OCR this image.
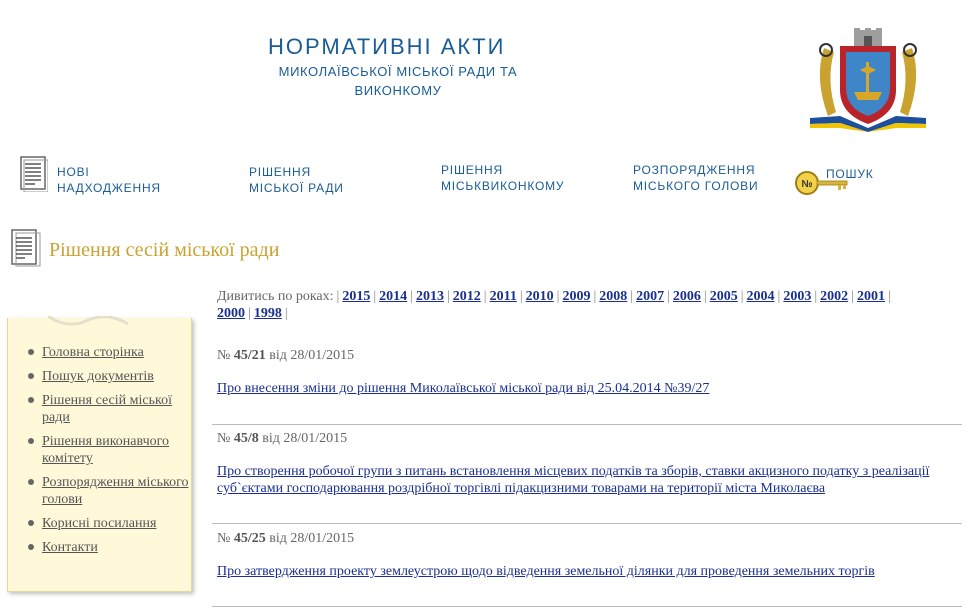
НОРМАТИВНІ АКТИ
МИКОЛАЇВСЬКОЇ МІСЬКОЇ РАДИ ТА ВИКОНКОМУ
НОВІ
НАДХОДЖЕННЯ
РІШЕННЯ
МІСЬКОЇ РАДИ
РІШЕННЯ
МІСЬКВИКОНКОМУ
РОЗПОРЯДЖЕННЯ
МІСЬКОГО ГОЛОВИ	№
ПОШУК
Рішення сесій міської ради
Головна сторінка
Пошук документів
Рішення сесій міської ради
Рішення виконавчого комітету
Розпорядження міського голови
Корисні посилання
Контакти
Дивитись по роках: | 2015 | 2014 | 2013 | 2012 | 2011 | 2010 | 2009 | 2008 | 2007 | 2006 | 2005 | 2004 | 2003 | 2002 | 2001 |
2000 | 1998 |
№ 45/21 від 28/01/2015
Про внесення зміни до рішення Миколаївської міської ради від 25.04.2014 №39/27
№ 45/8 від 28/01/2015
Про створення робочої групи з питань встановлення місцевих податків та зборів, ставки акцизного податку з реалізації суб`єктами господарювання роздрібної торгівлі підакцизними товарами на території міста Миколаєва
№ 45/25 від 28/01/2015
Про затвердження проекту землеустрою щодо відведення земельної ділянки для проведення земельних торгів
